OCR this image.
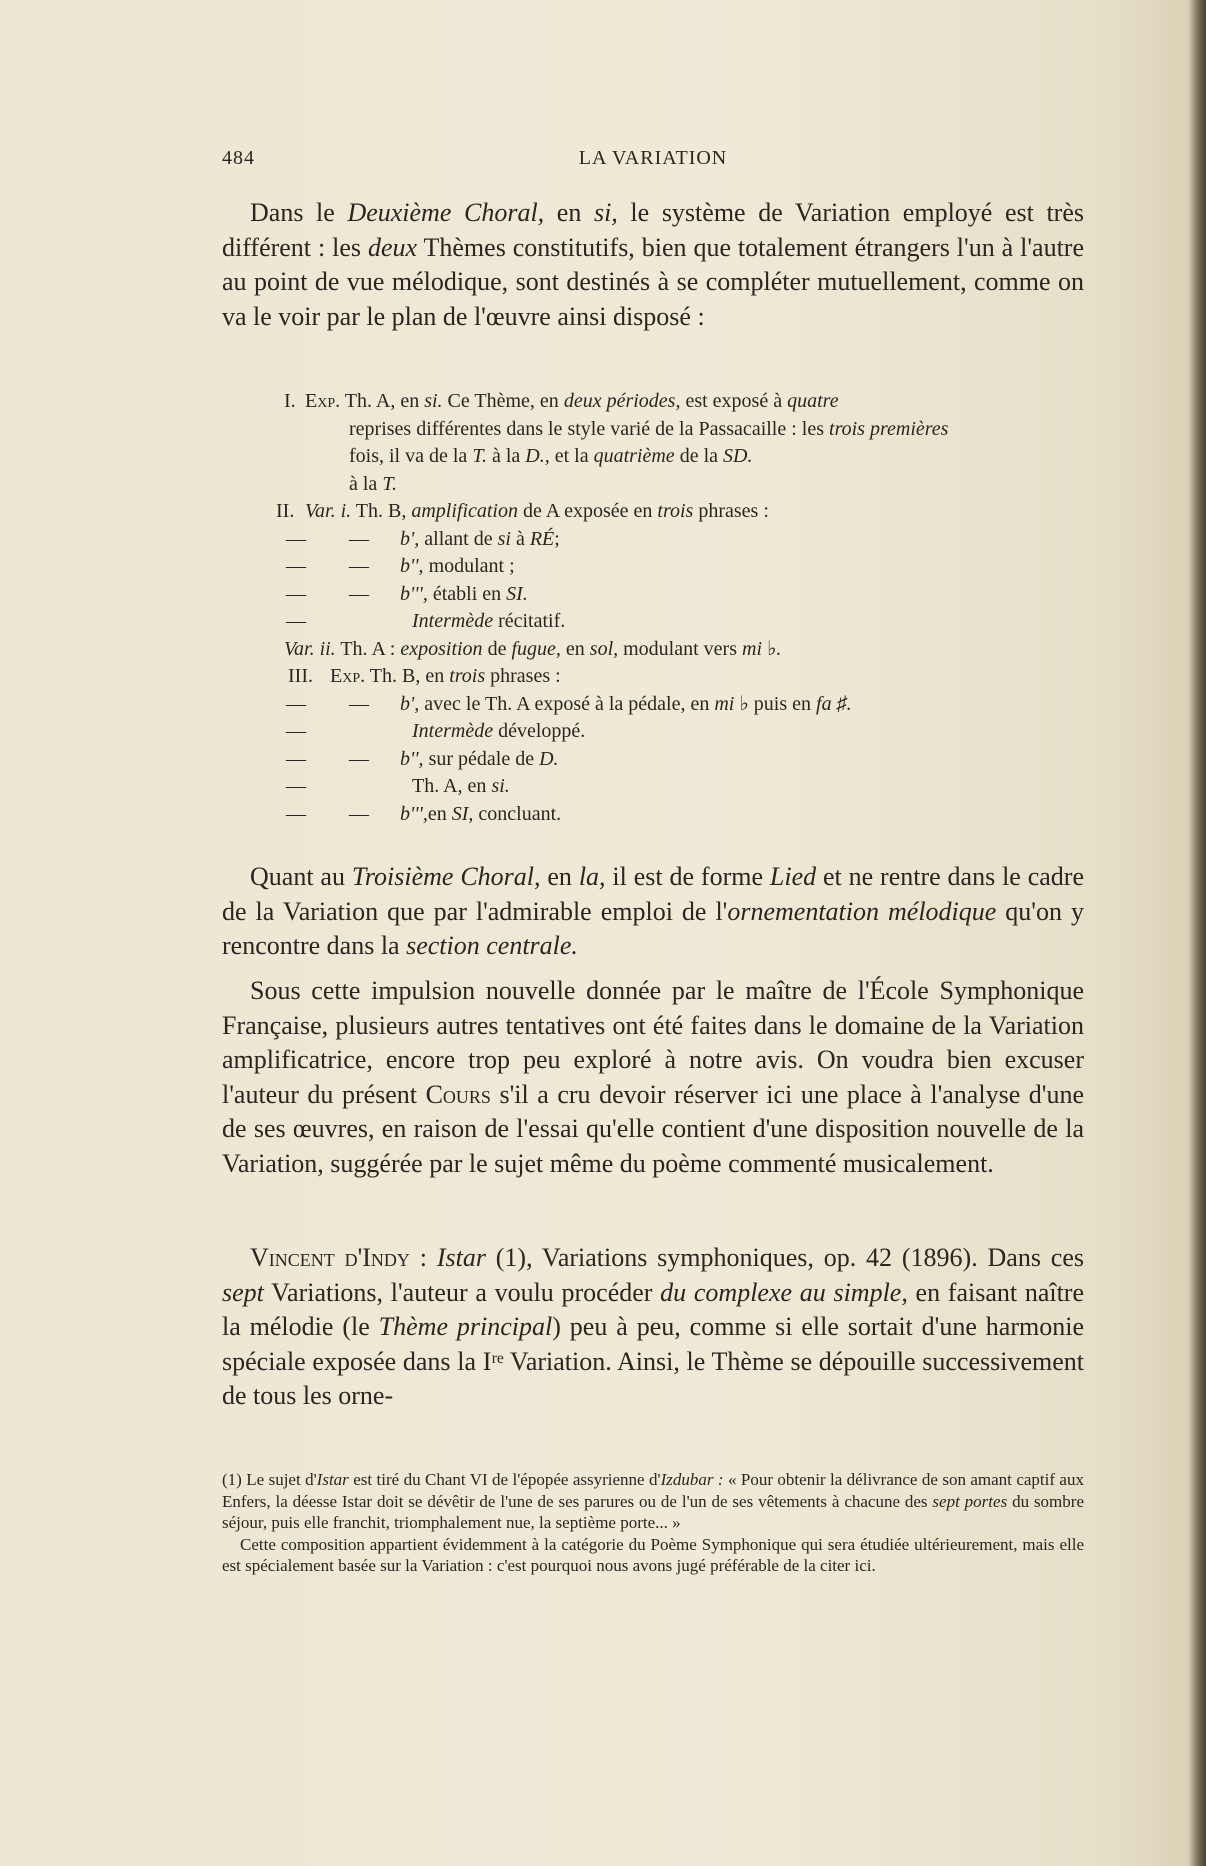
484	LA VARIATION

Dans le Deuxième Choral, en si, le système de Variation employé est très différent : les deux Thèmes constitutifs, bien que totalement étrangers l'un à l'autre au point de vue mélodique, sont destinés à se compléter mutuellement, comme on va le voir par le plan de l'œuvre ainsi disposé :

I. Exp. Th. A, en si. Ce Thème, en deux périodes, est exposé à quatre
reprises différentes dans le style varié de la Passacaille : les trois premières
fois, il va de la T. à la D., et la quatrième de la SD.
à la T.
II. Var. i. Th. B, amplification de A exposée en trois phrases :
— — b', allant de si à RÉ;
— — b'', modulant ;
— — b''', établi en SI.
—	Intermède récitatif.
Var. ii. Th. A : exposition de fugue, en sol, modulant vers mi ♭.
III. Exp. Th. B, en trois phrases :
— — b', avec le Th. A exposé à la pédale, en mi ♭ puis en fa ♯.
—	Intermède développé.
— — b'', sur pédale de D.
—	Th. A, en si.
— — b''',en SI, concluant.

Quant au Troisième Choral, en la, il est de forme Lied et ne rentre dans le cadre de la Variation que par l'admirable emploi de l'ornementation mélodique qu'on y rencontre dans la section centrale.

Sous cette impulsion nouvelle donnée par le maître de l'École Symphonique Française, plusieurs autres tentatives ont été faites dans le domaine de la Variation amplificatrice, encore trop peu exploré à notre avis. On voudra bien excuser l'auteur du présent Cours s'il a cru devoir réserver ici une place à l'analyse d'une de ses œuvres, en raison de l'essai qu'elle contient d'une disposition nouvelle de la Variation, suggérée par le sujet même du poème commenté musicalement.

Vincent d'Indy : Istar (1), Variations symphoniques, op. 42 (1896). Dans ces sept Variations, l'auteur a voulu procéder du complexe au simple, en faisant naître la mélodie (le Thème principal) peu à peu, comme si elle sortait d'une harmonie spéciale exposée dans la Iʳᵉ Variation. Ainsi, le Thème se dépouille successivement de tous les orne-

(1) Le sujet d'Istar est tiré du Chant VI de l'épopée assyrienne d'Izdubar : « Pour obtenir la délivrance de son amant captif aux Enfers, la déesse Istar doit se dévêtir de l'une de ses parures ou de l'un de ses vêtements à chacune des sept portes du sombre séjour, puis elle franchit, triomphalement nue, la septième porte... »

Cette composition appartient évidemment à la catégorie du Poème Symphonique qui sera étudiée ultérieurement, mais elle est spécialement basée sur la Variation : c'est pourquoi nous avons jugé préférable de la citer ici.
